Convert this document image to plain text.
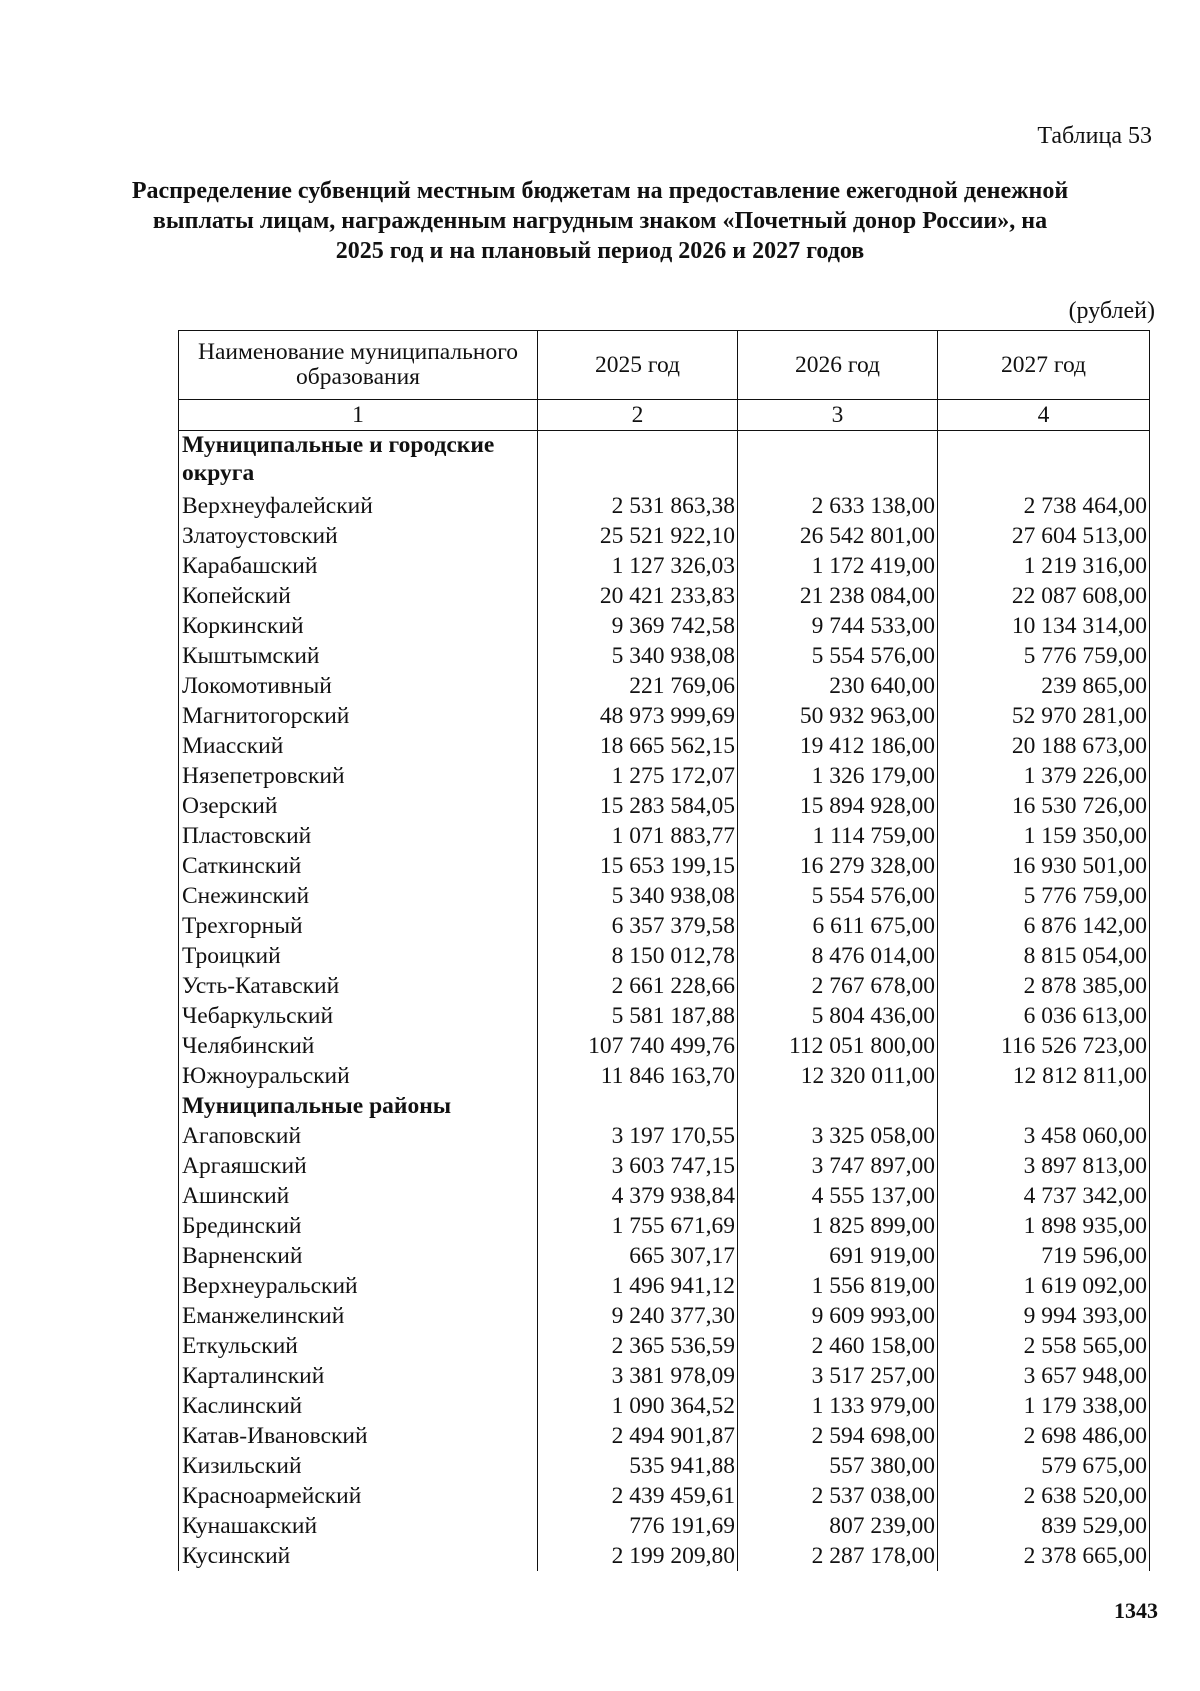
Таблица 53
Распределение субвенций местным бюджетам на предоставление ежегодной денежной выплаты лицам, награжденным нагрудным знаком «Почетный донор России», на 2025 год и на плановый период 2026 и 2027 годов
(рублей)
Наименование муниципального образования	2025 год	2026 год	2027 год
1	2	3	4
Муниципальные и городские округа			
Верхнеуфалейский	2 531 863,38	2 633 138,00	2 738 464,00
Златоустовский	25 521 922,10	26 542 801,00	27 604 513,00
Карабашский	1 127 326,03	1 172 419,00	1 219 316,00
Копейский	20 421 233,83	21 238 084,00	22 087 608,00
Коркинский	9 369 742,58	9 744 533,00	10 134 314,00
Кыштымский	5 340 938,08	5 554 576,00	5 776 759,00
Локомотивный	221 769,06	230 640,00	239 865,00
Магнитогорский	48 973 999,69	50 932 963,00	52 970 281,00
Миасский	18 665 562,15	19 412 186,00	20 188 673,00
Нязепетровский	1 275 172,07	1 326 179,00	1 379 226,00
Озерский	15 283 584,05	15 894 928,00	16 530 726,00
Пластовский	1 071 883,77	1 114 759,00	1 159 350,00
Саткинский	15 653 199,15	16 279 328,00	16 930 501,00
Снежинский	5 340 938,08	5 554 576,00	5 776 759,00
Трехгорный	6 357 379,58	6 611 675,00	6 876 142,00
Троицкий	8 150 012,78	8 476 014,00	8 815 054,00
Усть-Катавский	2 661 228,66	2 767 678,00	2 878 385,00
Чебаркульский	5 581 187,88	5 804 436,00	6 036 613,00
Челябинский	107 740 499,76	112 051 800,00	116 526 723,00
Южноуральский	11 846 163,70	12 320 011,00	12 812 811,00
Муниципальные районы			
Агаповский	3 197 170,55	3 325 058,00	3 458 060,00
Аргаяшский	3 603 747,15	3 747 897,00	3 897 813,00
Ашинский	4 379 938,84	4 555 137,00	4 737 342,00
Брединский	1 755 671,69	1 825 899,00	1 898 935,00
Варненский	665 307,17	691 919,00	719 596,00
Верхнеуральский	1 496 941,12	1 556 819,00	1 619 092,00
Еманжелинский	9 240 377,30	9 609 993,00	9 994 393,00
Еткульский	2 365 536,59	2 460 158,00	2 558 565,00
Карталинский	3 381 978,09	3 517 257,00	3 657 948,00
Каслинский	1 090 364,52	1 133 979,00	1 179 338,00
Катав-Ивановский	2 494 901,87	2 594 698,00	2 698 486,00
Кизильский	535 941,88	557 380,00	579 675,00
Красноармейский	2 439 459,61	2 537 038,00	2 638 520,00
Кунашакский	776 191,69	807 239,00	839 529,00
Кусинский	2 199 209,80	2 287 178,00	2 378 665,00
1343
